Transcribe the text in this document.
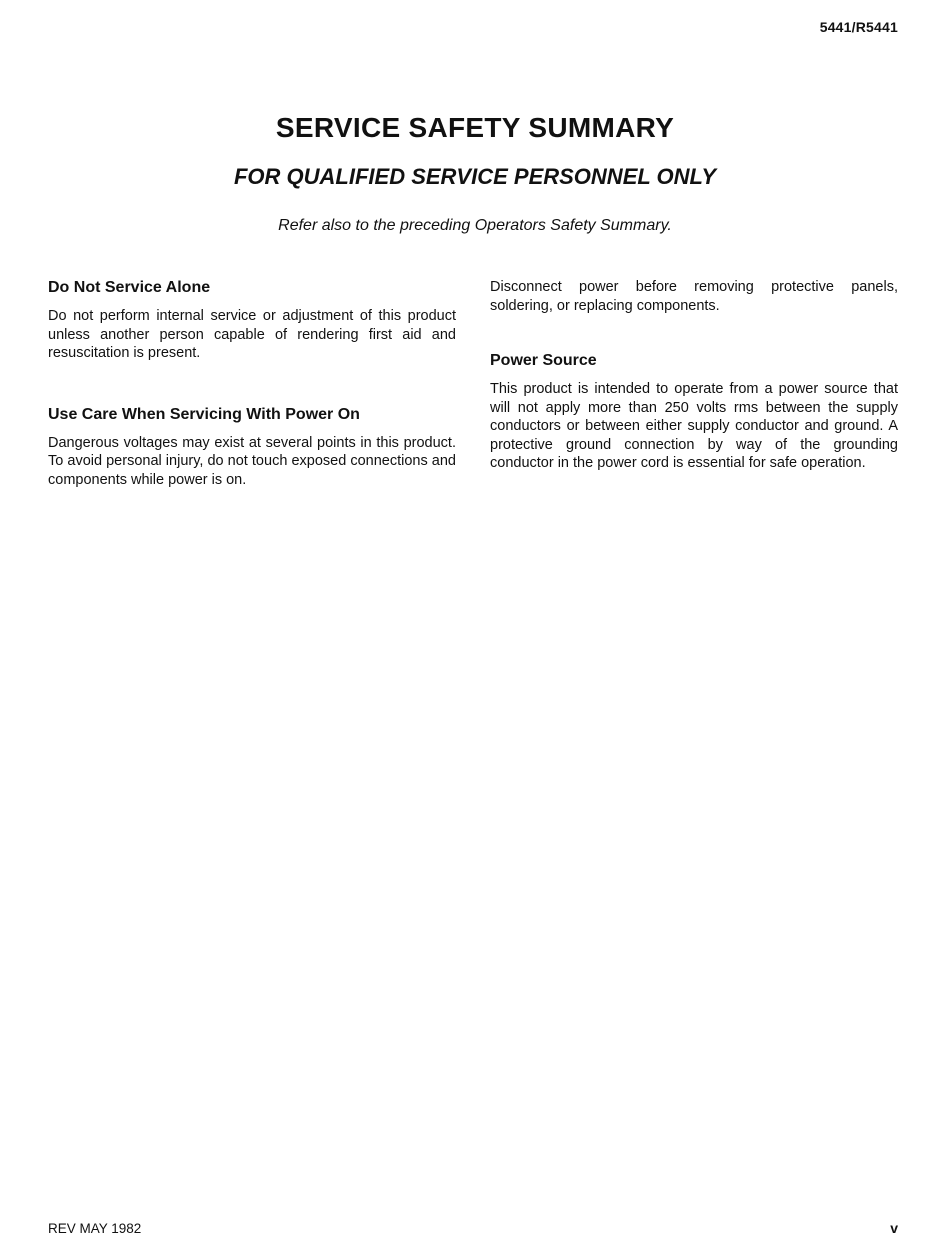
5441/R5441
SERVICE SAFETY SUMMARY
FOR QUALIFIED SERVICE PERSONNEL ONLY
Refer also to the preceding Operators Safety Summary.
Do Not Service Alone

Do not perform internal service or adjustment of this product unless another person capable of rendering first aid and resuscitation is present.

Use Care When Servicing With Power On

Dangerous voltages may exist at several points in this product. To avoid personal injury, do not touch exposed connections and components while power is on.

Disconnect power before removing protective panels, soldering, or replacing components.

Power Source

This product is intended to operate from a power source that will not apply more than 250 volts rms between the supply conductors or between either supply conductor and ground. A protective ground connection by way of the grounding conductor in the power cord is essential for safe operation.

REV MAY 1982	v
